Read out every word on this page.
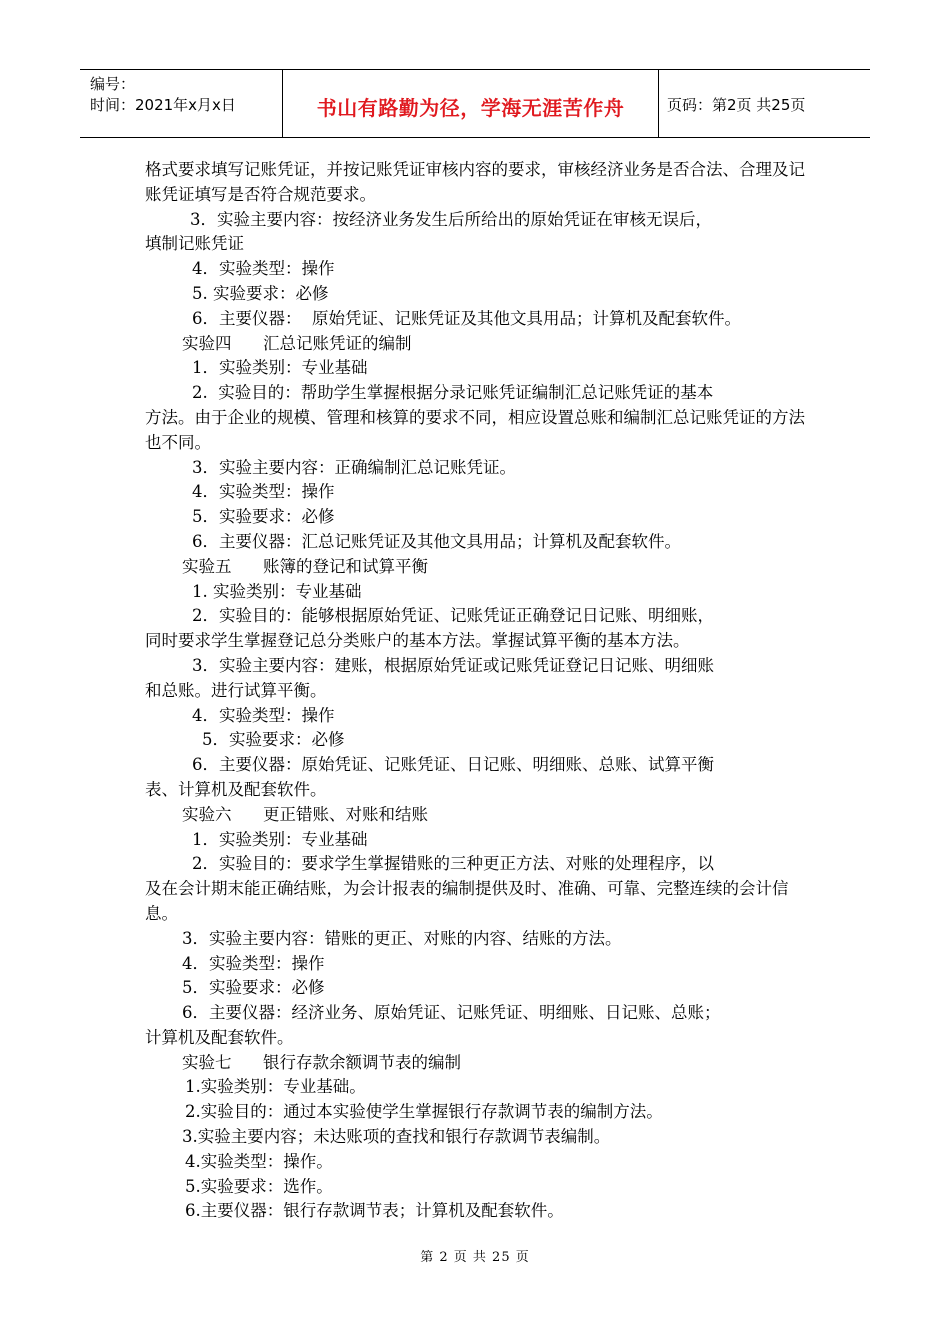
编号：
时间：2021年x月x日	书山有路勤为径，学海无涯苦作舟	页码：第2页 共25页

格式要求填写记账凭证，并按记账凭证审核内容的要求，审核经济业务是否合法、合理及记账凭证填写是否符合规范要求。

3．实验主要内容：按经济业务发生后所给出的原始凭证在审核无误后，

填制记账凭证

4．实验类型：操作

5. 实验要求：必修

6．主要仪器：  原始凭证、记账凭证及其他文具用品；计算机及配套软件。

实验四      汇总记账凭证的编制

1．实验类别：专业基础

2.  实验目的：帮助学生掌握根据分录记账凭证编制汇总记账凭证的基本

方法。由于企业的规模、管理和核算的要求不同，相应设置总账和编制汇总记账凭证的方法也不同。

3．实验主要内容：正确编制汇总记账凭证。

4．实验类型：操作

5．实验要求：必修

6．主要仪器：汇总记账凭证及其他文具用品；计算机及配套软件。

实验五      账簿的登记和试算平衡

1. 实验类别：专业基础

2．实验目的：能够根据原始凭证、记账凭证正确登记日记账、明细账，

同时要求学生掌握登记总分类账户的基本方法。掌握试算平衡的基本方法。

3．实验主要内容：建账，根据原始凭证或记账凭证登记日记账、明细账

和总账。进行试算平衡。

4．实验类型：操作

5．实验要求：必修

6．主要仪器：原始凭证、记账凭证、日记账、明细账、总账、试算平衡

表、计算机及配套软件。

实验六      更正错账、对账和结账

1．实验类别：专业基础

2．实验目的：要求学生掌握错账的三种更正方法、对账的处理程序，以

及在会计期末能正确结账，为会计报表的编制提供及时、准确、可靠、完整连续的会计信息。

3．实验主要内容：错账的更正、对账的内容、结账的方法。

4．实验类型：操作

5．实验要求：必修

6．主要仪器：经济业务、原始凭证、记账凭证、明细账、日记账、总账；

计算机及配套软件。

实验七      银行存款余额调节表的编制

1.实验类别：专业基础。

2.实验目的：通过本实验使学生掌握银行存款调节表的编制方法。

3.实验主要内容；未达账项的查找和银行存款调节表编制。

4.实验类型：操作。

5.实验要求：选作。

6.主要仪器：银行存款调节表；计算机及配套软件。

第 2 页 共 25 页
